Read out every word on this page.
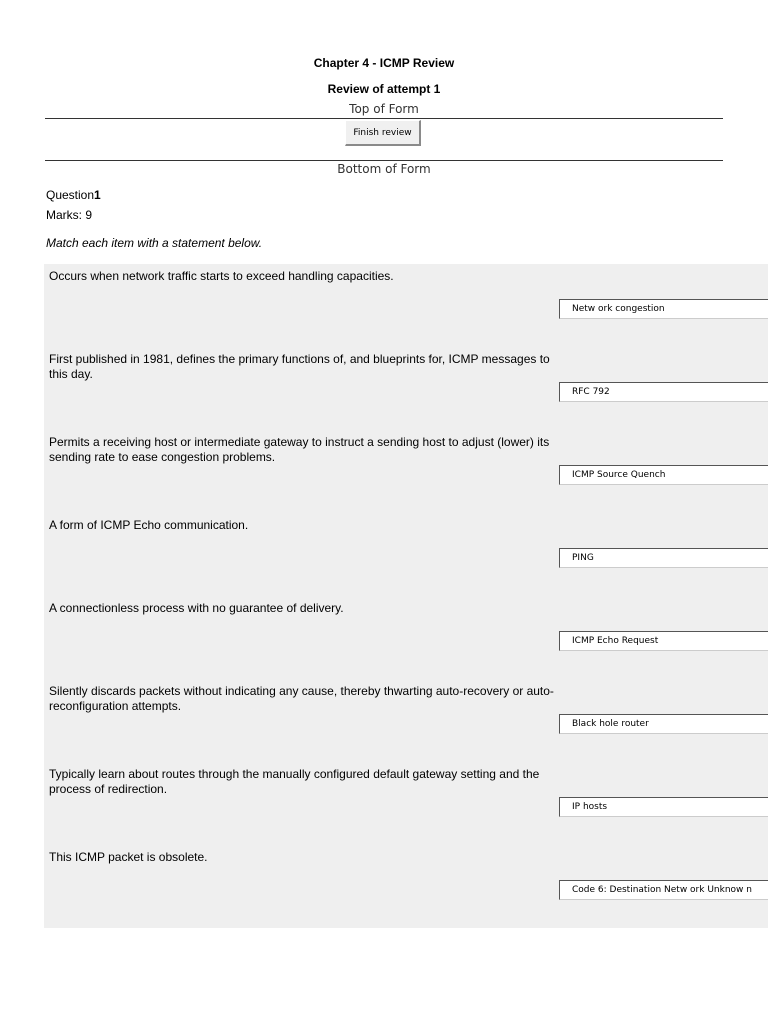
Chapter 4 - ICMP Review
Review of attempt 1
Top of Form
Finish review
Bottom of Form
Question1
Marks: 9
Match each item with a statement below.
Occurs when network traffic starts to exceed handling capacities.
Netw ork congestion
First published in 1981, defines the primary functions of, and blueprints for, ICMP messages to this day.
RFC 792
Permits a receiving host or intermediate gateway to instruct a sending host to adjust (lower) its sending rate to ease congestion problems.
ICMP Source Quench
A form of ICMP Echo communication.
PING
A connectionless process with no guarantee of delivery.
ICMP Echo Request
Silently discards packets without indicating any cause, thereby thwarting auto-recovery or auto-reconfiguration attempts.
Black hole router
Typically learn about routes through the manually configured default gateway setting and the process of redirection.
IP hosts
This ICMP packet is obsolete.
Code 6: Destination Netw ork Unknow n
